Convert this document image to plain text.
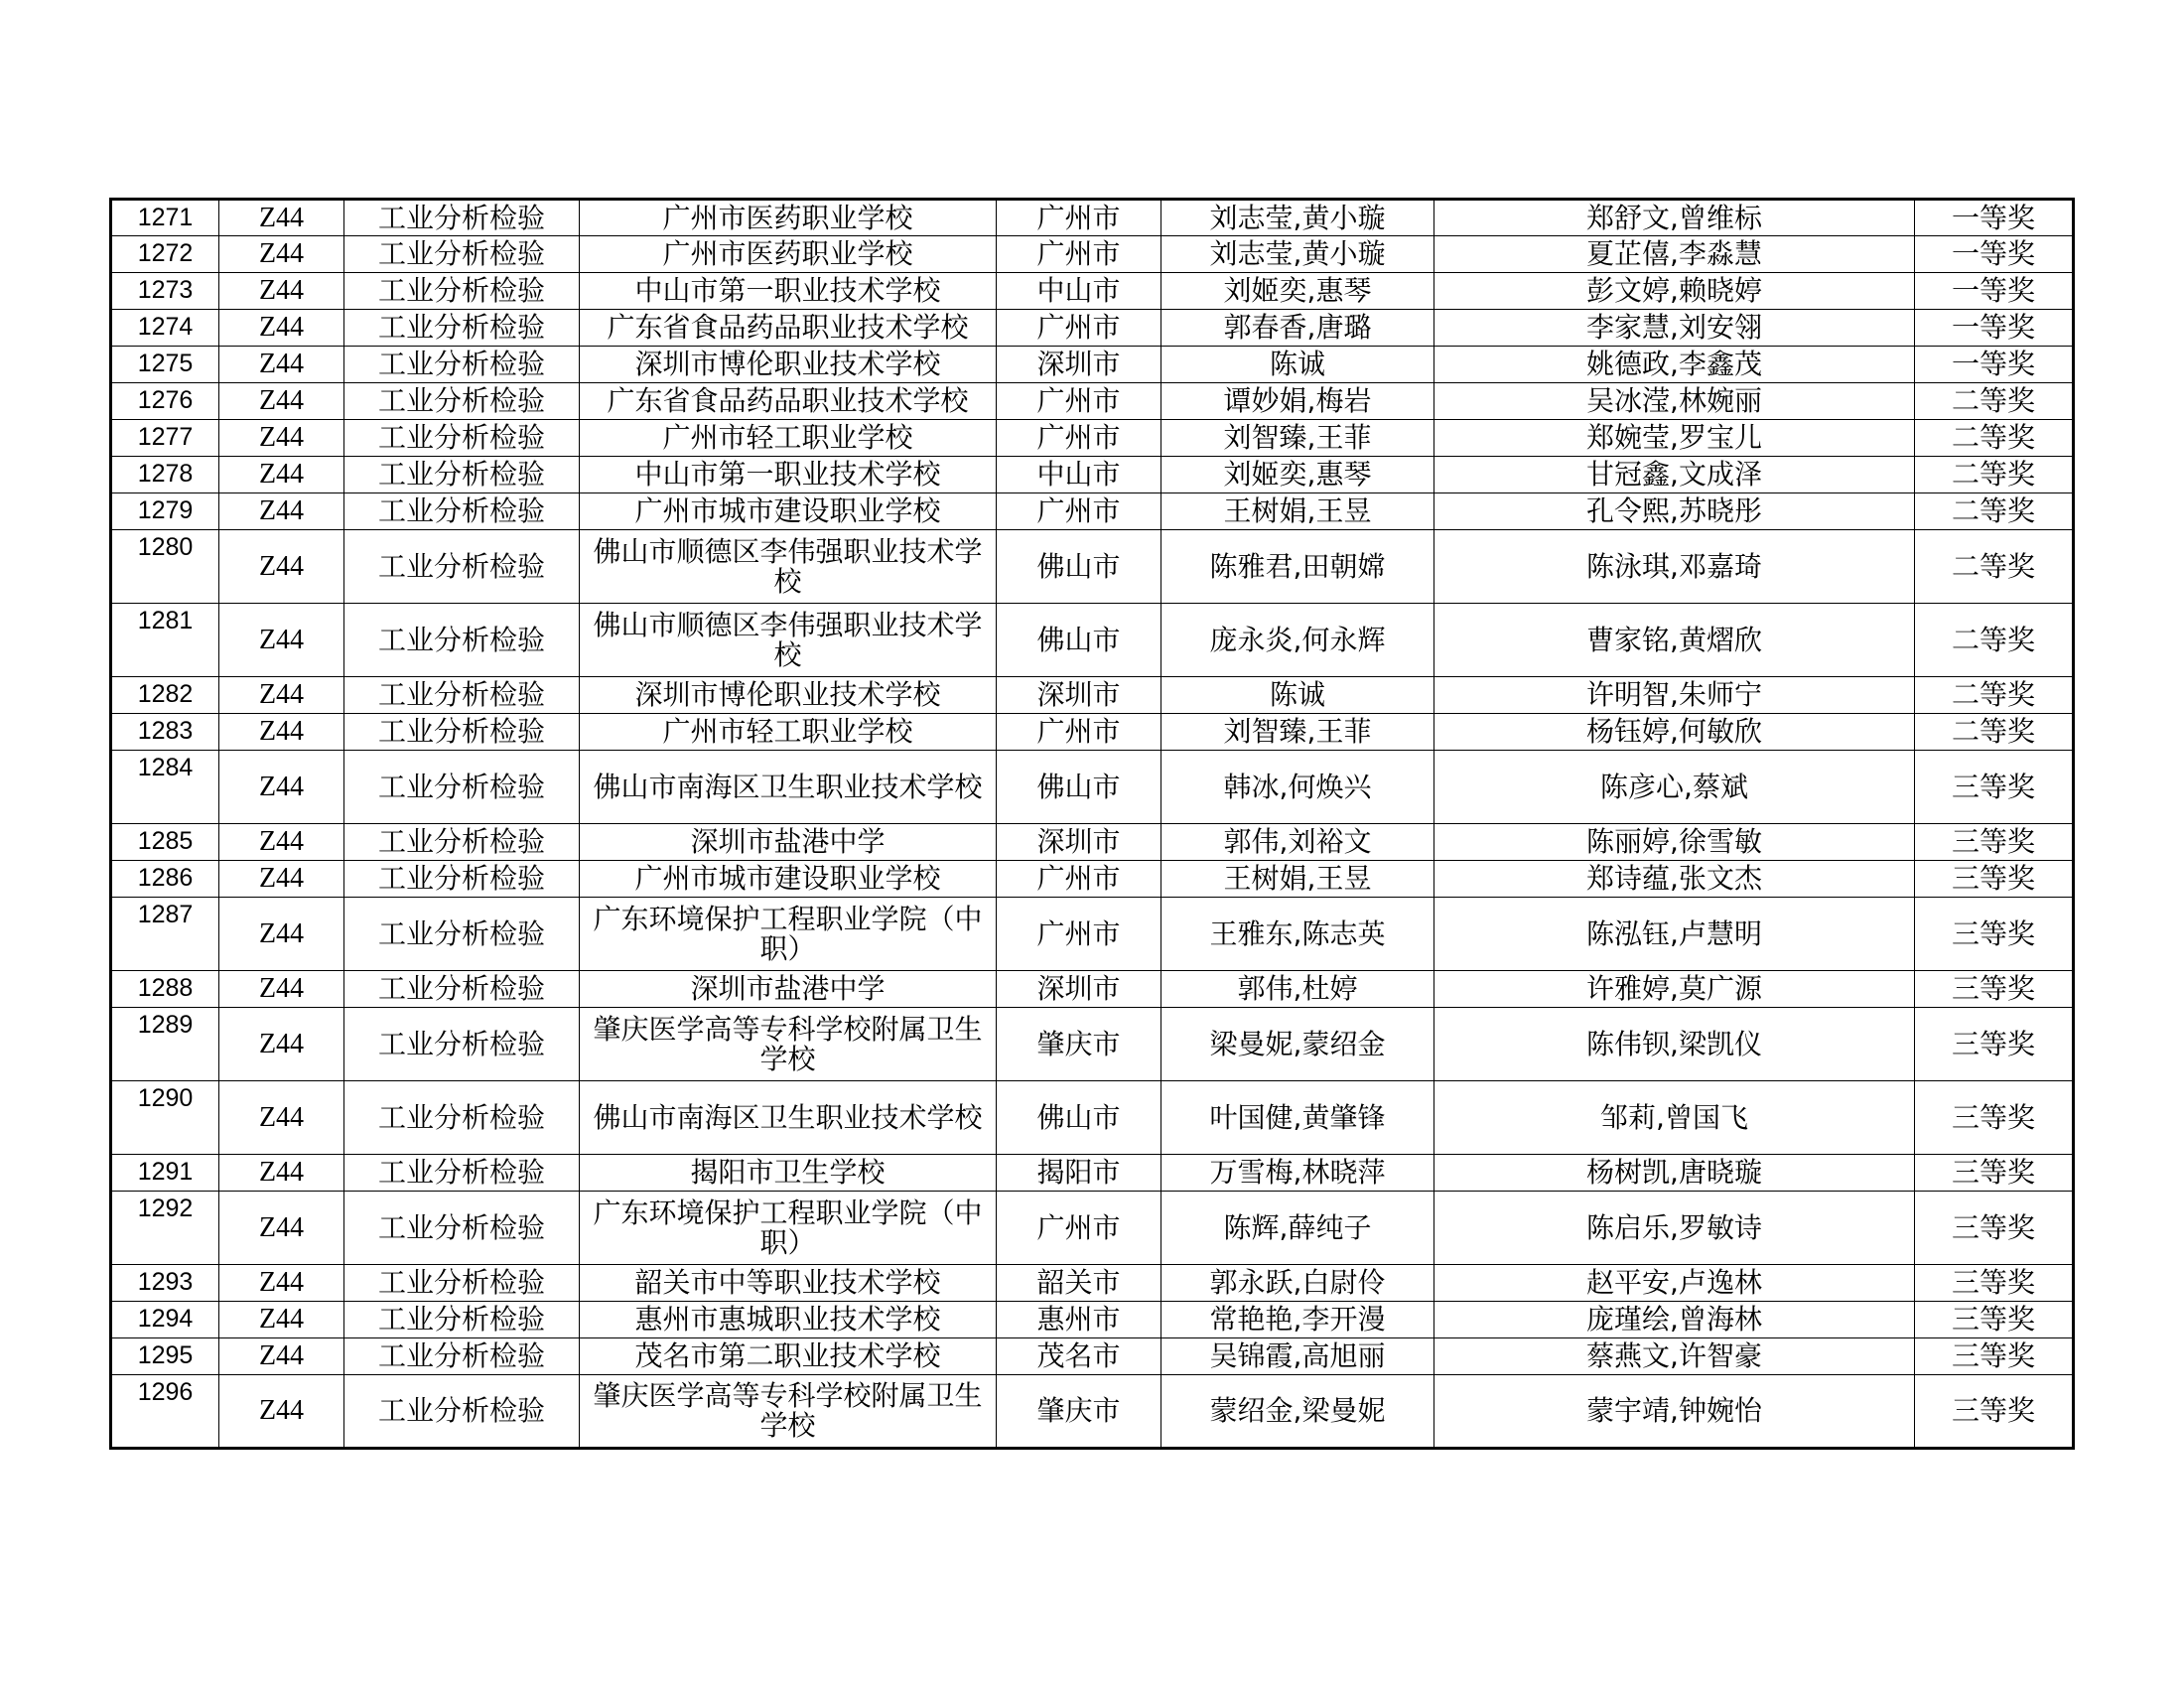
1271	Z44	工业分析检验	广州市医药职业学校	广州市	刘志莹,黄小璇	郑舒文,曾维标	一等奖
1272	Z44	工业分析检验	广州市医药职业学校	广州市	刘志莹,黄小璇	夏芷僖,李淼慧	一等奖
1273	Z44	工业分析检验	中山市第一职业技术学校	中山市	刘姬奕,惠琴	彭文婷,赖晓婷	一等奖
1274	Z44	工业分析检验	广东省食品药品职业技术学校	广州市	郭春香,唐璐	李家慧,刘安翎	一等奖
1275	Z44	工业分析检验	深圳市博伦职业技术学校	深圳市	陈诚	姚德政,李鑫茂	一等奖
1276	Z44	工业分析检验	广东省食品药品职业技术学校	广州市	谭妙娟,梅岩	吴冰滢,林婉丽	二等奖
1277	Z44	工业分析检验	广州市轻工职业学校	广州市	刘智臻,王菲	郑婉莹,罗宝儿	二等奖
1278	Z44	工业分析检验	中山市第一职业技术学校	中山市	刘姬奕,惠琴	甘冠鑫,文成泽	二等奖
1279	Z44	工业分析检验	广州市城市建设职业学校	广州市	王树娟,王昱	孔令熙,苏晓彤	二等奖
1280	Z44	工业分析检验	佛山市顺德区李伟强职业技术学校	佛山市	陈雅君,田朝嫦	陈泳琪,邓嘉琦	二等奖
1281	Z44	工业分析检验	佛山市顺德区李伟强职业技术学校	佛山市	庞永炎,何永辉	曹家铭,黄熠欣	二等奖
1282	Z44	工业分析检验	深圳市博伦职业技术学校	深圳市	陈诚	许明智,朱师宁	二等奖
1283	Z44	工业分析检验	广州市轻工职业学校	广州市	刘智臻,王菲	杨钰婷,何敏欣	二等奖
1284	Z44	工业分析检验	佛山市南海区卫生职业技术学校	佛山市	韩冰,何焕兴	陈彦心,蔡斌	三等奖
1285	Z44	工业分析检验	深圳市盐港中学	深圳市	郭伟,刘裕文	陈丽婷,徐雪敏	三等奖
1286	Z44	工业分析检验	广州市城市建设职业学校	广州市	王树娟,王昱	郑诗蕴,张文杰	三等奖
1287	Z44	工业分析检验	广东环境保护工程职业学院（中职）	广州市	王雅东,陈志英	陈泓钰,卢慧明	三等奖
1288	Z44	工业分析检验	深圳市盐港中学	深圳市	郭伟,杜婷	许雅婷,莫广源	三等奖
1289	Z44	工业分析检验	肇庆医学高等专科学校附属卫生学校	肇庆市	梁曼妮,蒙绍金	陈伟钡,梁凯仪	三等奖
1290	Z44	工业分析检验	佛山市南海区卫生职业技术学校	佛山市	叶国健,黄肇锋	邹莉,曾国飞	三等奖
1291	Z44	工业分析检验	揭阳市卫生学校	揭阳市	万雪梅,林晓萍	杨树凯,唐晓璇	三等奖
1292	Z44	工业分析检验	广东环境保护工程职业学院（中职）	广州市	陈辉,薛纯子	陈启乐,罗敏诗	三等奖
1293	Z44	工业分析检验	韶关市中等职业技术学校	韶关市	郭永跃,白尉伶	赵平安,卢逸林	三等奖
1294	Z44	工业分析检验	惠州市惠城职业技术学校	惠州市	常艳艳,李开漫	庞瑾绘,曾海林	三等奖
1295	Z44	工业分析检验	茂名市第二职业技术学校	茂名市	吴锦霞,高旭丽	蔡燕文,许智豪	三等奖
1296	Z44	工业分析检验	肇庆医学高等专科学校附属卫生学校	肇庆市	蒙绍金,梁曼妮	蒙宇靖,钟婉怡	三等奖
